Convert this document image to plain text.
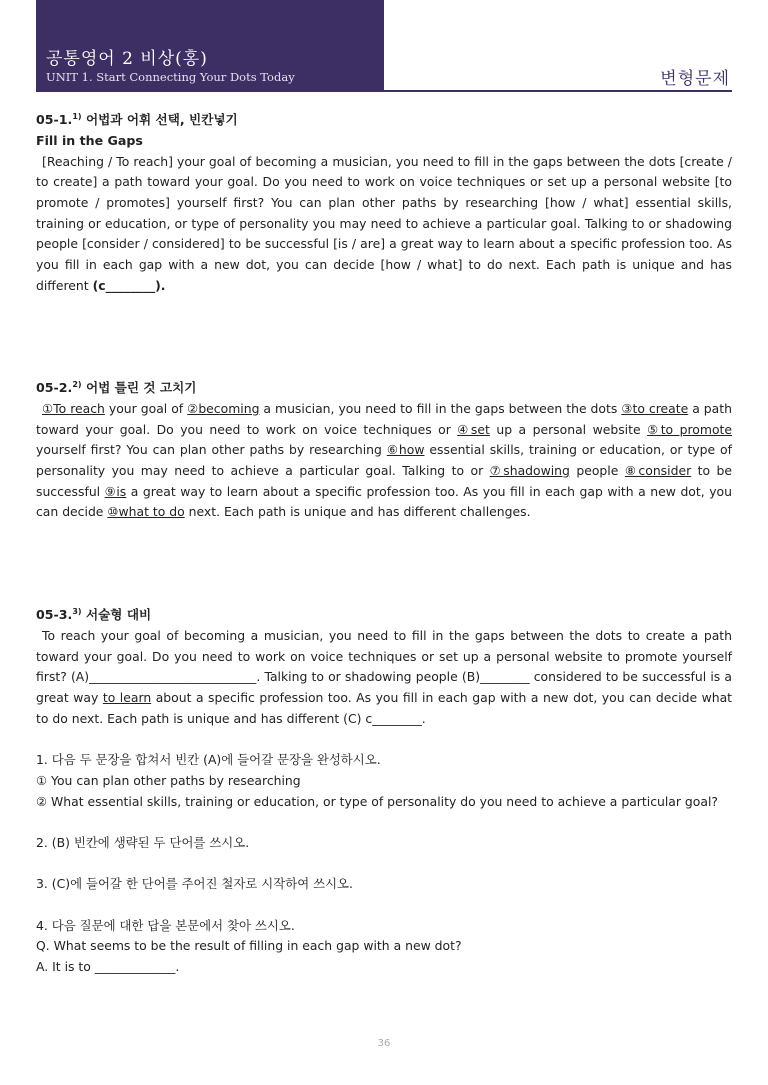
공통영어 2 비상(홍)
UNIT 1. Start Connecting Your Dots Today	변형문제
05-1.$^{1)}$ 어법과 어휘 선택, 빈칸넣기
Fill in the Gaps
[Reaching / To reach] your goal of becoming a musician, you need to fill in the gaps between the dots [create / to create] a path toward your goal. Do you need to work on voice techniques or set up a personal website [to promote / promotes] yourself first? You can plan other paths by researching [how / what] essential skills, training or education, or type of personality you may need to achieve a particular goal. Talking to or shadowing people [consider / considered] to be successful [is / are] a great way to learn about a specific profession too. As you fill in each gap with a new dot, you can decide [how / what] to do next. Each path is unique and has different (c________).
05-2.$^{2)}$ 어법 틀린 것 고치기
①To reach your goal of ②becoming a musician, you need to fill in the gaps between the dots ③to create a path toward your goal. Do you need to work on voice techniques or ④set up a personal website ⑤to promote yourself first? You can plan other paths by researching ⑥how essential skills, training or education, or type of personality you may need to achieve a particular goal. Talking to or ⑦shadowing people ⑧consider to be successful ⑨is a great way to learn about a specific profession too. As you fill in each gap with a new dot, you can decide ⑩what to do next. Each path is unique and has different challenges.
05-3.$^{3)}$ 서술형 대비
To reach your goal of becoming a musician, you need to fill in the gaps between the dots to create a path toward your goal. Do you need to work on voice techniques or set up a personal website to promote yourself first? (A)___________________________. Talking to or shadowing people (B)________ considered to be successful is a great way to learn about a specific profession too. As you fill in each gap with a new dot, you can decide what to do next. Each path is unique and has different (C) c________.
1. 다음 두 문장을 합쳐서 빈칸 (A)에 들어갈 문장을 완성하시오.
① You can plan other paths by researching
② What essential skills, training or education, or type of personality do you need to achieve a particular goal?
2. (B) 빈칸에 생략된 두 단어를 쓰시오.
3. (C)에 들어갈 한 단어를 주어진 철자로 시작하여 쓰시오.
4. 다음 질문에 대한 답을 본문에서 찾아 쓰시오.
Q. What seems to be the result of filling in each gap with a new dot?
A. It is to _____________.
36
